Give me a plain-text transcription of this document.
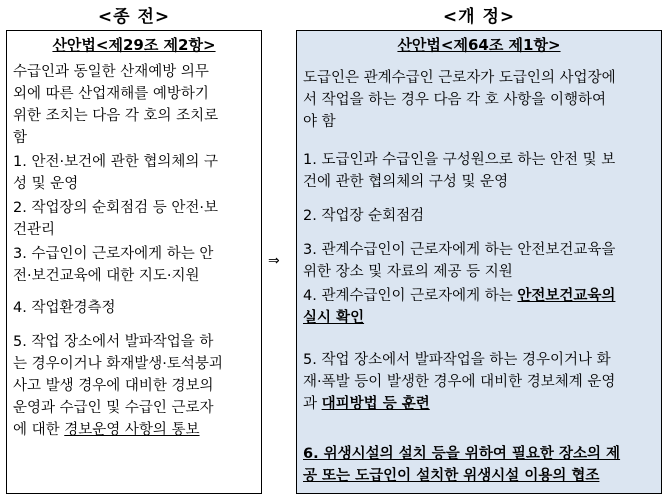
<종 전>	<개 정>
산안법<제29조 제2항>
수급인과 동일한 산재예방 의무
외에 따른 산업재해를 예방하기
위한 조치는 다음 각 호의 조치로
함
1. 안전·보건에 관한 협의체의 구
성 및 운영
2. 작업장의 순회점검 등 안전·보
건관리
3. 수급인이 근로자에게 하는 안
전·보건교육에 대한 지도·지원
4. 작업환경측정
5. 작업 장소에서 발파작업을 하
는 경우이거나 화재발생·토석붕괴
사고 발생 경우에 대비한 경보의
운영과 수급인 및 수급인 근로자
에 대한 경보운영 사항의 통보
⇒
산안법<제64조 제1항>
도급인은 관계수급인 근로자가 도급인의 사업장에
서 작업을 하는 경우 다음 각 호 사항을 이행하여
야 함
1. 도급인과 수급인을 구성원으로 하는 안전 및 보
건에 관한 협의체의 구성 및 운영
2. 작업장 순회점검
3. 관계수급인이 근로자에게 하는 안전보건교육을
위한 장소 및 자료의 제공 등 지원
4. 관계수급인이 근로자에게 하는 안전보건교육의
실시 확인
5. 작업 장소에서 발파작업을 하는 경우이거나 화
재·폭발 등이 발생한 경우에 대비한 경보체계 운영
과 대피방법 등 훈련
6. 위생시설의 설치 등을 위하여 필요한 장소의 제
공 또는 도급인이 설치한 위생시설 이용의 협조
